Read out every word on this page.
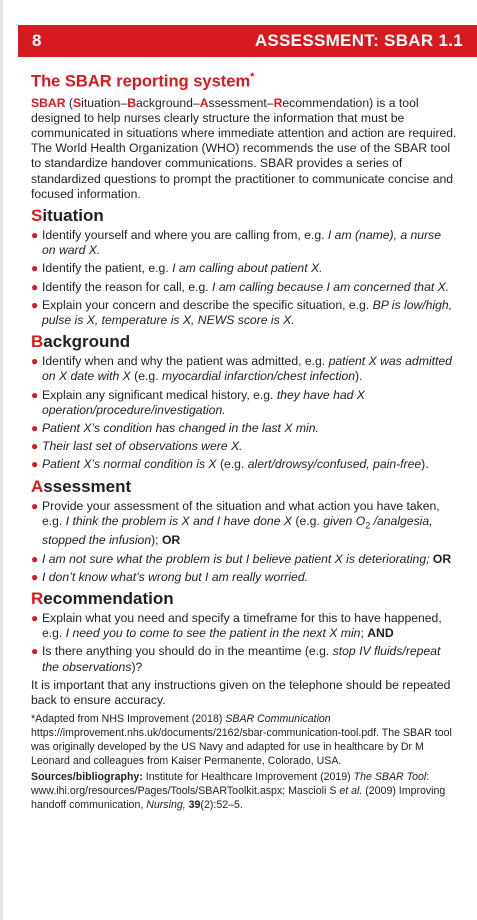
8	ASSESSMENT: SBAR 1.1
The SBAR reporting system*

SBAR (Situation–Background–Assessment–Recommendation) is a tool designed to help nurses clearly structure the information that must be communicated in situations where immediate attention and action are required. The World Health Organization (WHO) recommends the use of the SBAR tool to standardize handover communications. SBAR provides a series of standardized questions to prompt the practitioner to communicate concise and focused information.

Situation
● Identify yourself and where you are calling from, e.g. I am (name), a nurse on ward X.
● Identify the patient, e.g. I am calling about patient X.
● Identify the reason for call, e.g. I am calling because I am concerned that X.
● Explain your concern and describe the specific situation, e.g. BP is low/high, pulse is X, temperature is X, NEWS score is X.
Background
● Identify when and why the patient was admitted, e.g. patient X was admitted on X date with X (e.g. myocardial infarction/chest infection).
● Explain any significant medical history, e.g. they have had X operation/procedure/investigation.
● Patient X’s condition has changed in the last X min.
● Their last set of observations were X.
● Patient X’s normal condition is X (e.g. alert/drowsy/confused, pain-free).
Assessment
● Provide your assessment of the situation and what action you have taken, e.g. I think the problem is X and I have done X (e.g. given $O_2$ /analgesia, stopped the infusion); OR
● I am not sure what the problem is but I believe patient X is deteriorating; OR
● I don’t know what’s wrong but I am really worried.
Recommendation
● Explain what you need and specify a timeframe for this to have happened, e.g. I need you to come to see the patient in the next X min; AND
● Is there anything you should do in the meantime (e.g. stop IV fluids/repeat the observations)?

It is important that any instructions given on the telephone should be repeated back to ensure accuracy.

*Adapted from NHS Improvement (2018) SBAR Communication https://improvement.nhs.uk/documents/2162/sbar-communication-tool.pdf. The SBAR tool was originally developed by the US Navy and adapted for use in healthcare by Dr M Leonard and colleagues from Kaiser Permanente, Colorado, USA.

Sources/bibliography: Institute for Healthcare Improvement (2019) The SBAR Tool: www.ihi.org/resources/Pages/Tools/SBARToolkit.aspx; Mascioli S et al. (2009) Improving handoff communication, Nursing, 39(2):52–5.
